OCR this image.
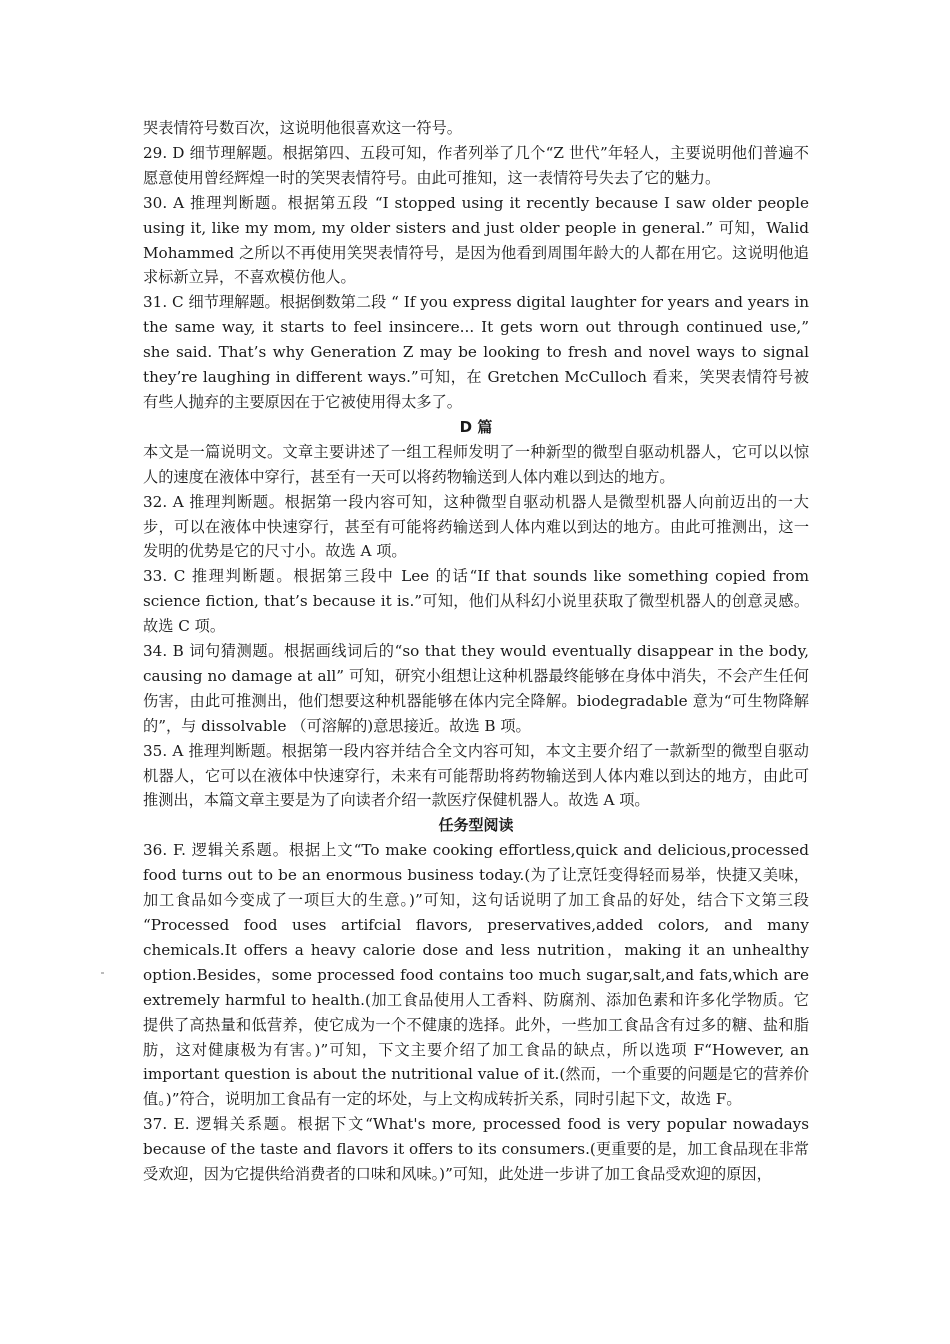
哭表情符号数百次，这说明他很喜欢这一符号。

29. D 细节理解题。根据第四、五段可知，作者列举了几个“Z 世代”年轻人，主要说明他们普遍不愿意使用曾经辉煌一时的笑哭表情符号。由此可推知，这一表情符号失去了它的魅力。

30. A 推理判断题。根据第五段 “I stopped using it recently because I saw older people using it, like my mom, my older sisters and just older people in general.” 可知，Walid Mohammed 之所以不再使用笑哭表情符号，是因为他看到周围年龄大的人都在用它。这说明他追求标新立异，不喜欢模仿他人。

31. C 细节理解题。根据倒数第二段 “ If you express digital laughter for years and years in the same way, it starts to feel insincere... It gets worn out through continued use,” she said. That’s why Generation Z may be looking to fresh and novel ways to signal they’re laughing in different ways.”可知，在 Gretchen McCulloch 看来，笑哭表情符号被有些人抛弃的主要原因在于它被使用得太多了。

D 篇

本文是一篇说明文。文章主要讲述了一组工程师发明了一种新型的微型自驱动机器人，它可以以惊人的速度在液体中穿行，甚至有一天可以将药物输送到人体内难以到达的地方。

32. A 推理判断题。根据第一段内容可知，这种微型自驱动机器人是微型机器人向前迈出的一大步，可以在液体中快速穿行，甚至有可能将药输送到人体内难以到达的地方。由此可推测出，这一发明的优势是它的尺寸小。故选 A 项。

33. C 推理判断题。根据第三段中 Lee 的话“If that sounds like something copied from science fiction, that’s because it is.”可知，他们从科幻小说里获取了微型机器人的创意灵感。故选 C 项。

34. B 词句猜测题。根据画线词后的“so that they would eventually disappear in the body, causing no damage at all” 可知，研究小组想让这种机器最终能够在身体中消失，不会产生任何伤害，由此可推测出，他们想要这种机器能够在体内完全降解。biodegradable 意为“可生物降解的”，与 dissolvable （可溶解的)意思接近。故选 B 项。

35. A 推理判断题。根据第一段内容并结合全文内容可知，本文主要介绍了一款新型的微型自驱动机器人，它可以在液体中快速穿行，未来有可能帮助将药物输送到人体内难以到达的地方，由此可推测出，本篇文章主要是为了向读者介绍一款医疗保健机器人。故选 A 项。

任务型阅读

36. F. 逻辑关系题。根据上文“To make cooking effortless,quick and delicious,processed food turns out to be an enormous business today.(为了让烹饪变得轻而易举，快捷又美味，加工食品如今变成了一项巨大的生意。)”可知，这句话说明了加工食品的好处，结合下文第三段 “Processed food uses artifcial flavors, preservatives,added colors, and many chemicals.It offers a heavy calorie dose and less nutrition，making it an unhealthy option.Besides，some processed food contains too much sugar,salt,and fats,which are extremely harmful to health.(加工食品使用人工香料、防腐剂、添加色素和许多化学物质。它提供了高热量和低营养，使它成为一个不健康的选择。此外，一些加工食品含有过多的糖、盐和脂肪，这对健康极为有害。)”可知，下文主要介绍了加工食品的缺点，所以选项 F“However, an important question is about the nutritional value of it.(然而，一个重要的问题是它的营养价值。)”符合，说明加工食品有一定的坏处，与上文构成转折关系，同时引起下文，故选 F。

37. E. 逻辑关系题。根据下文“What's more, processed food is very popular nowadays because of the taste and flavors it offers to its consumers.(更重要的是，加工食品现在非常受欢迎，因为它提供给消费者的口味和风味。)”可知，此处进一步讲了加工食品受欢迎的原因，
